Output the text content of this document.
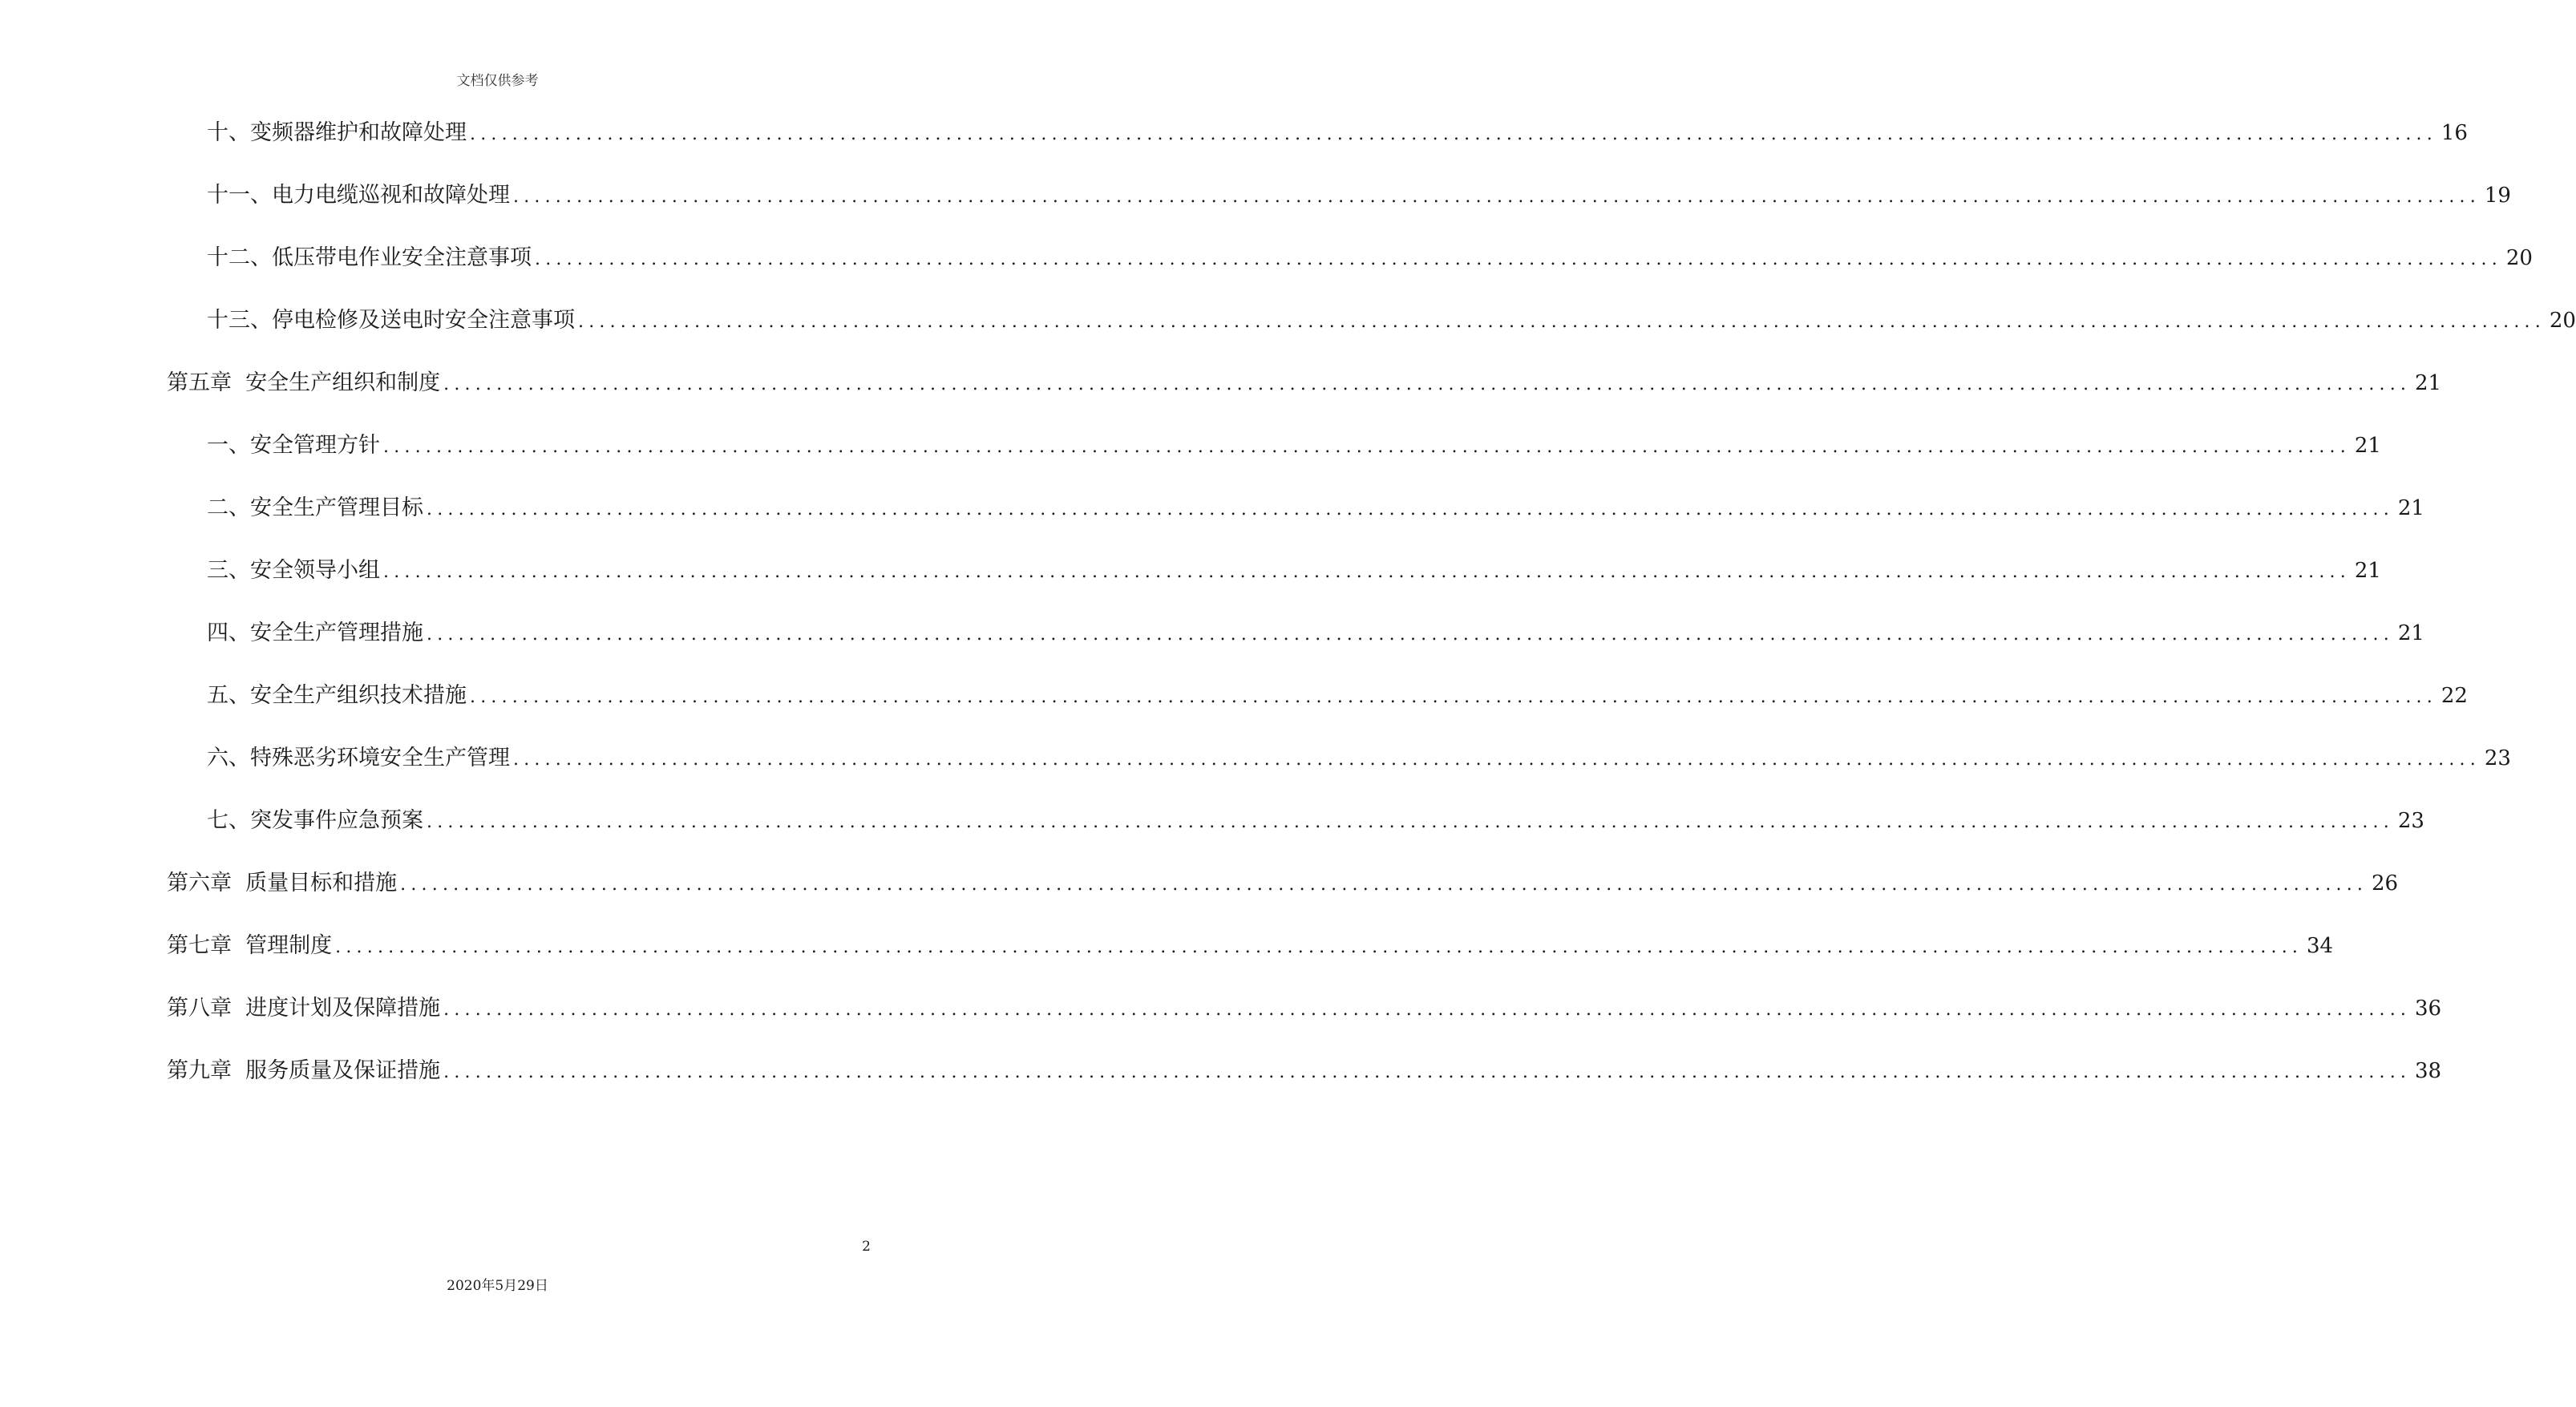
文档仅供参考
十、变频器维护和故障处理 .....	16
十一、电力电缆巡视和故障处理 .....	19
十二、低压带电作业安全注意事项 .....	20
十三、停电检修及送电时安全注意事项 .....	20
第五章  安全生产组织和制度 .....	21
一、安全管理方针 .....	21
二、安全生产管理目标 .....	21
三、安全领导小组 .....	21
四、安全生产管理措施 .....	21
五、安全生产组织技术措施 .....	22
六、特殊恶劣环境安全生产管理 .....	23
七、突发事件应急预案 .....	23
第六章  质量目标和措施 .....	26
第七章  管理制度 .....	34
第八章  进度计划及保障措施 .....	36
第九章  服务质量及保证措施 .....	38
2
2020年5月29日
